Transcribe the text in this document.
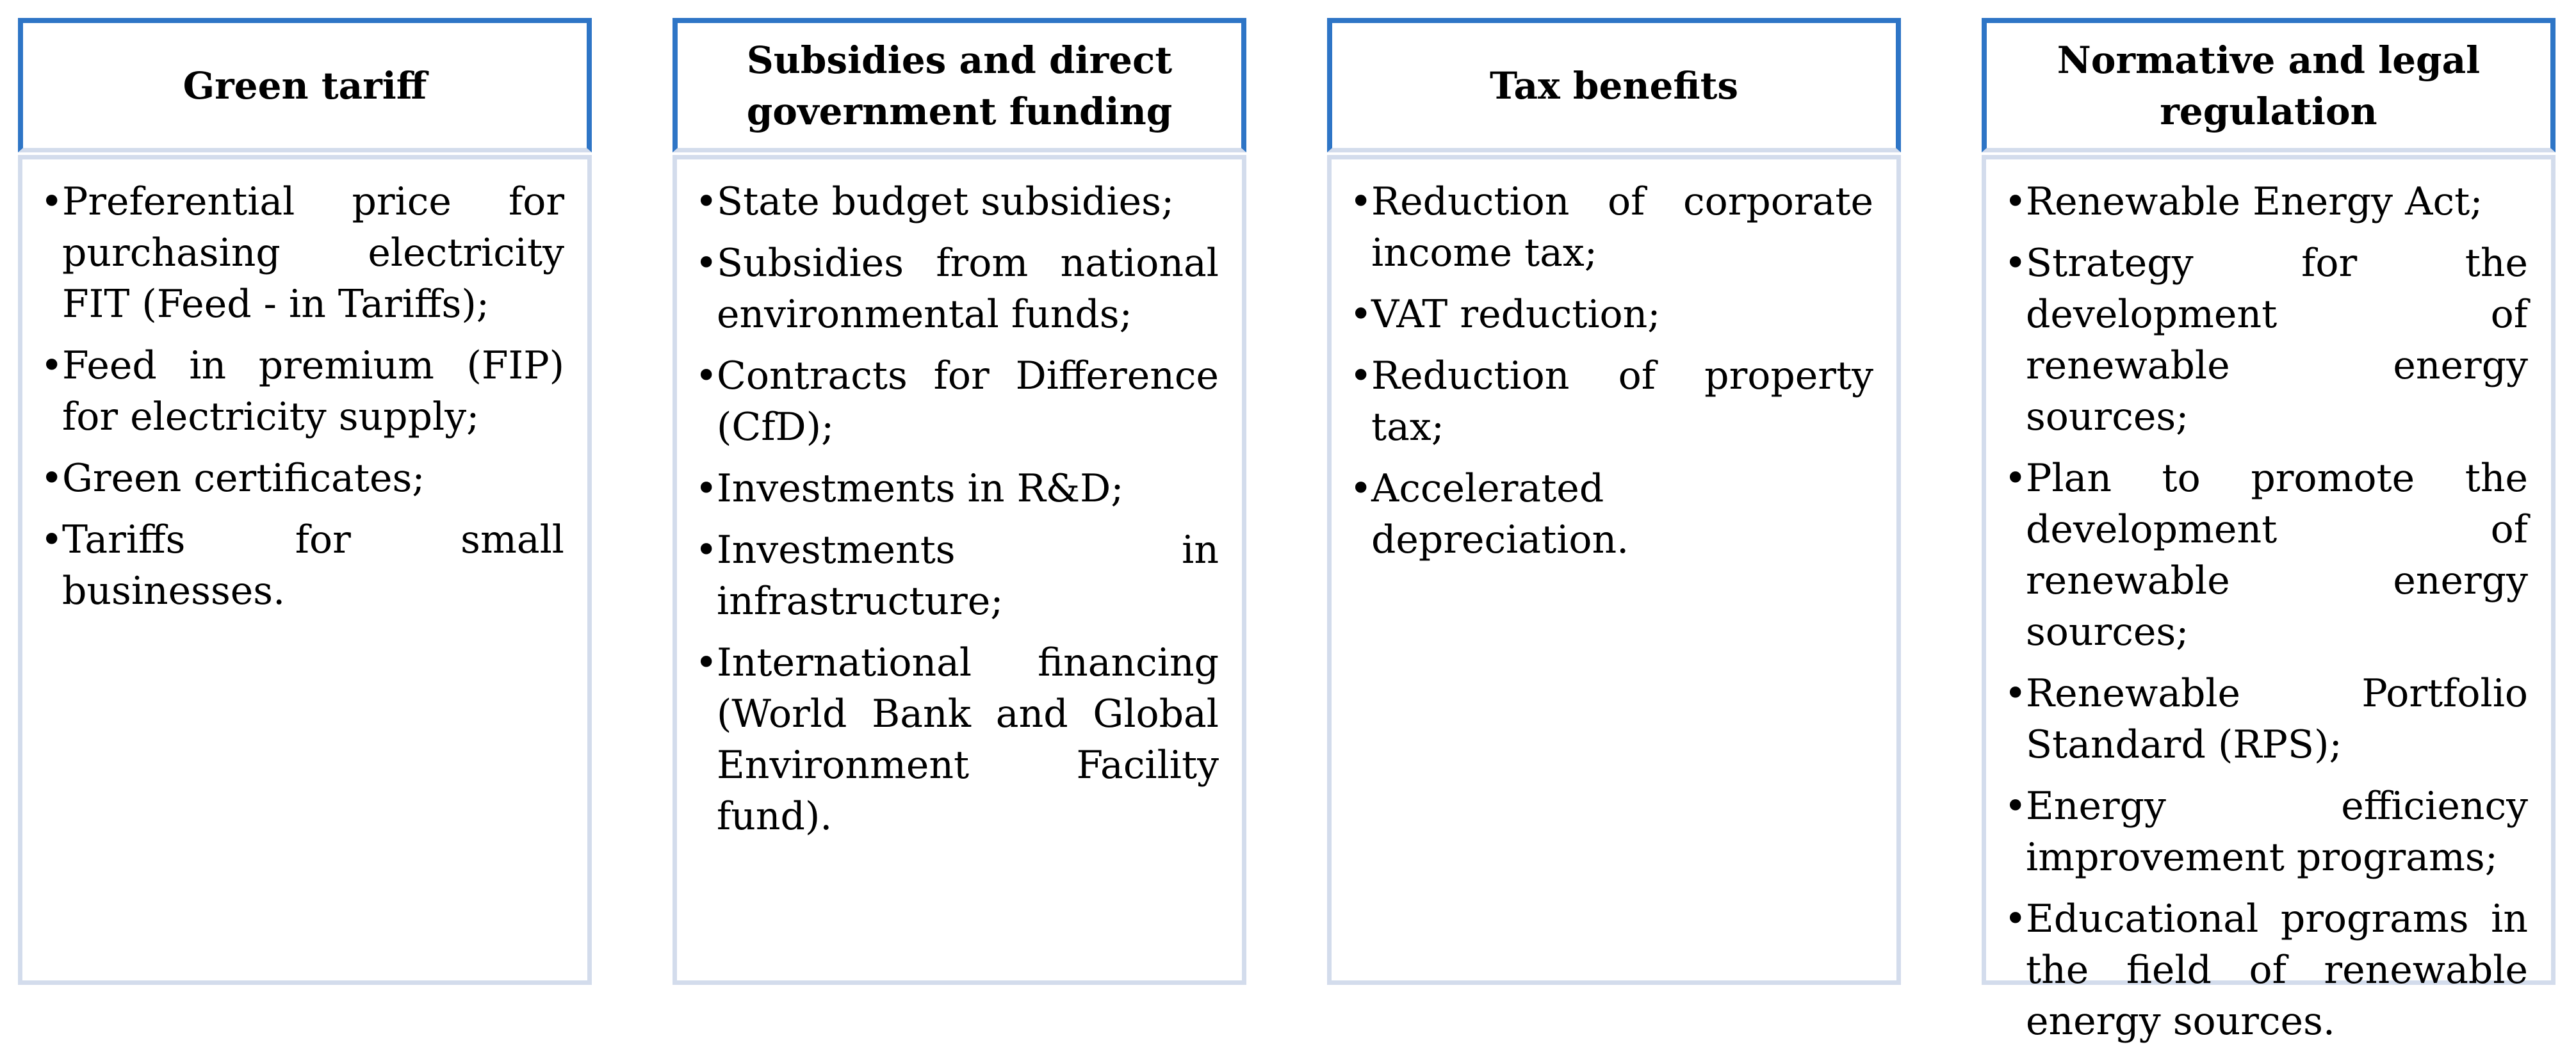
Green tariff
• Preferential price for purchasing electricity FIT (Feed - in Tariffs);
• Feed in premium (FIP) for electricity supply;
• Green certificates;
• Tariffs for small businesses.
Subsidies and direct government funding
• State budget subsidies;
• Subsidies from national environmental funds;
• Contracts for Difference (CfD);
• Investments in R&D;
• Investments in infrastructure;
• International financing (World Bank and Global Environment Facility fund).
Tax benefits
• Reduction of corporate income tax;
• VAT reduction;
• Reduction of property tax;
• Accelerated depreciation.
Normative and legal regulation
• Renewable Energy Act;
• Strategy for the development of renewable energy sources;
• Plan to promote the development of renewable energy sources;
• Renewable Portfolio Standard (RPS);
• Energy efficiency improvement programs;
• Educational programs in the field of renewable energy sources.
